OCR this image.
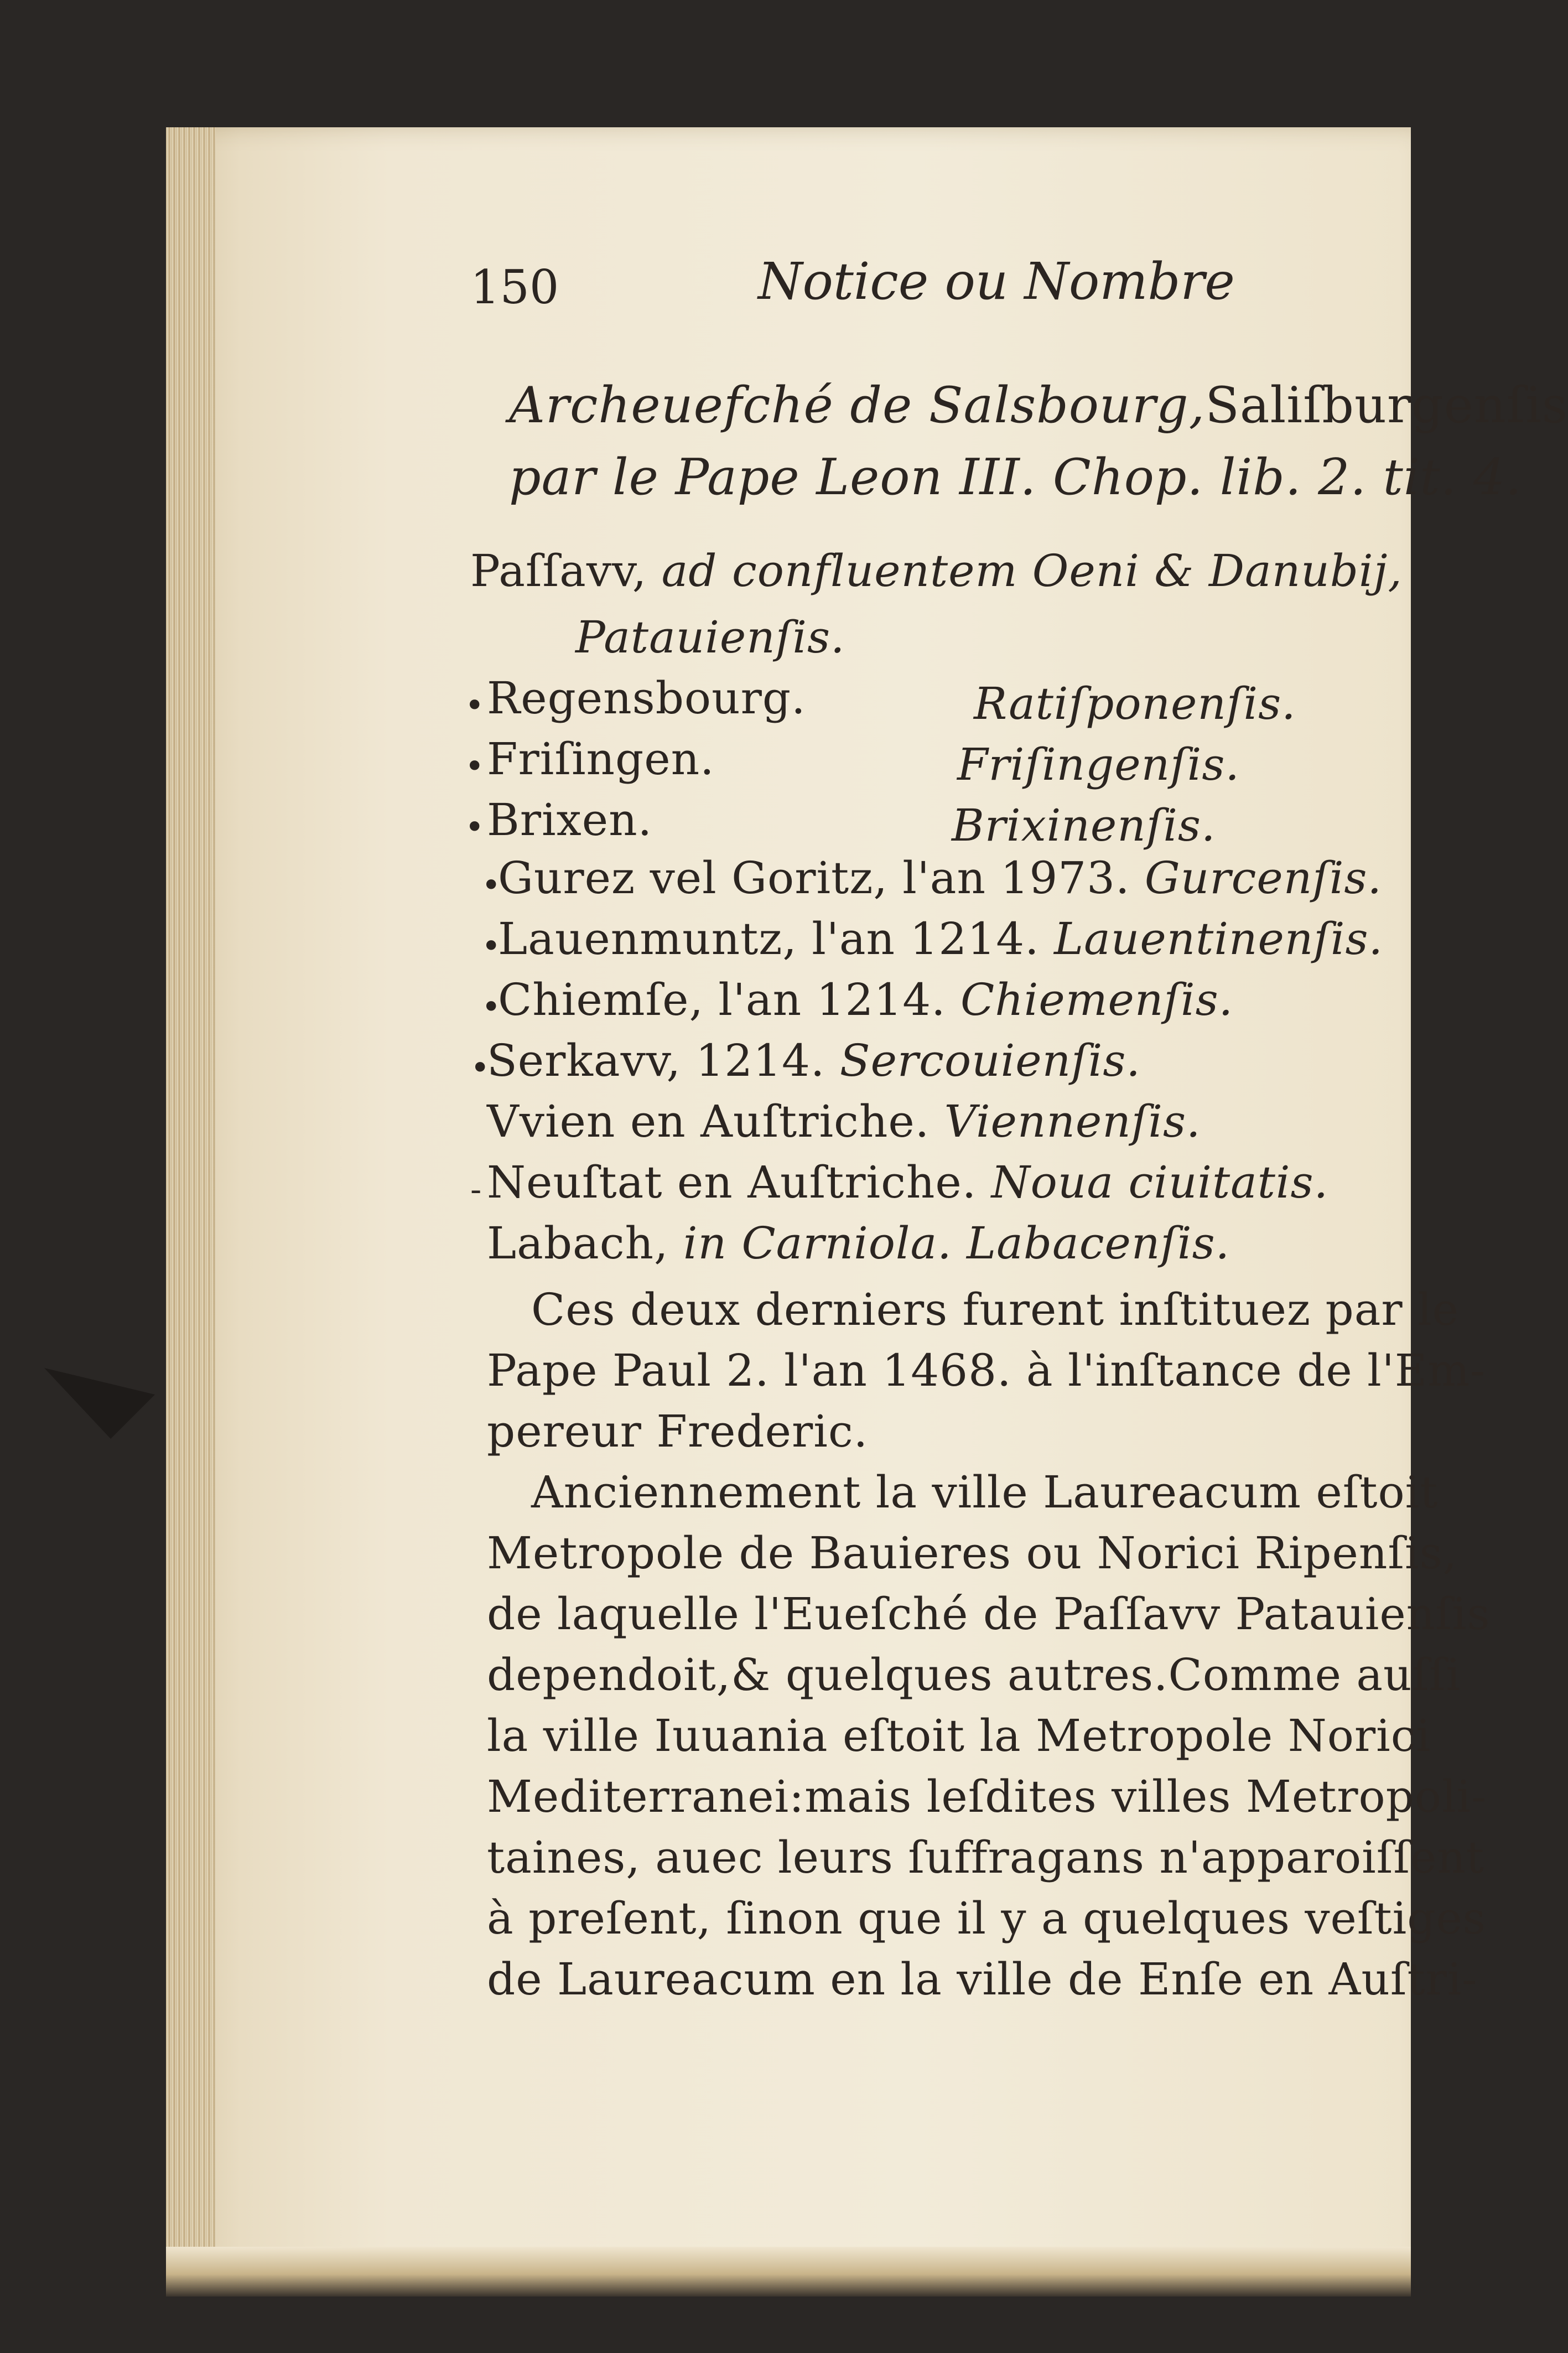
150	Notice ou Nombre
Archeuefché de Salsbourg,Saliſburgenſis
par le Pape Leon III. Chop. lib. 2. tit. 4.
Paſſavv, ad confluentem Oeni & Danubij,
Patauienſis.
• Regensbourg.	Ratiſponenſis.
• Friſingen.	Friſingenſis.
• Brixen.	Brixinenſis.
•
Gurez vel Goritz, l'an 1973. Gurcenſis.
•
Lauenmuntz, l'an 1214. Lauentinenſis.
•
Chiemſe, l'an 1214. Chiemenſis.
•
Serkavv, 1214. Sercouienſis.
Vvien en Auſtriche. Viennenſis.
- Neuſtat en Auſtriche. Noua ciuitatis.
Labach, in Carniola. Labacenſis.
Ces deux derniers furent inſtituez par le
Pape Paul 2. l'an 1468. à l'inſtance de l'Em-
pereur Frederic.
Anciennement la ville Laureacum eſtoit
Metropole de Bauieres ou Norici Ripenſis,
de laquelle l'Eueſché de Paſſavv Patauienſis
dependoit,& quelques autres.Comme auſſi
la ville Iuuania eſtoit la Metropole Norici
Mediterranei:mais leſdites villes Metropoli-
taines, auec leurs ſuffragans n'apparoiſſent
à preſent, ſinon que il y a quelques veſtiges
de Laureacum en la ville de Enſe en Auſtri-
